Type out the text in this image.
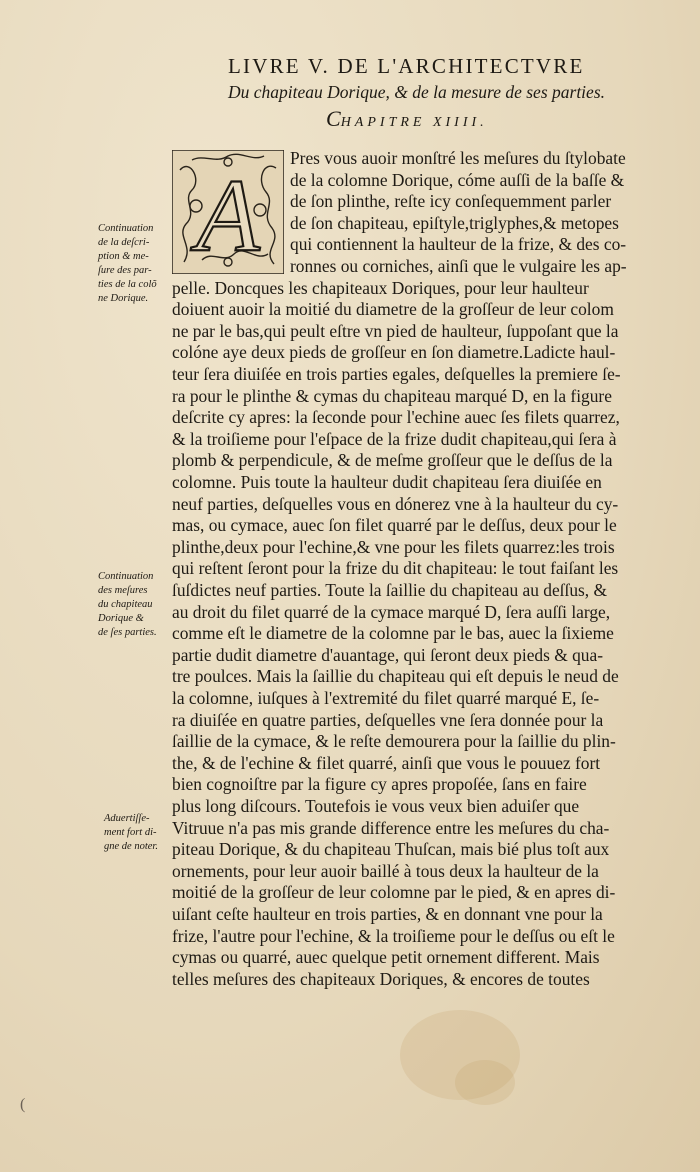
LIVRE V. DE L'ARCHITECTVRE
Du chapiteau Dorique, & de la mesure de ses parties.
CHAPITRE XIIII.
A Pres vous auoir monſtré les meſures du ſtylobate
de la colomne Dorique, cóme auſſi de la baſſe &
de ſon plinthe, reſte icy conſequemment parler
de ſon chapiteau, epiſtyle,triglyphes,& metopes
qui contiennent la haulteur de la frize, & des co-
ronnes ou corniches, ainſi que le vulgaire les ap-
pelle. Doncques les chapiteaux Doriques, pour leur haulteur
doiuent auoir la moitié du diametre de la groſſeur de leur colom
ne par le bas,qui peult eſtre vn pied de haulteur, ſuppoſant que la
colóne aye deux pieds de groſſeur en ſon diametre.Ladicte haul-
teur ſera diuiſée en trois parties egales, deſquelles la premiere ſe-
ra pour le plinthe & cymas du chapiteau marqué D, en la figure
deſcrite cy apres: la ſeconde pour l'echine auec ſes filets quarrez,
& la troiſieme pour l'eſpace de la frize dudit chapiteau,qui ſera à
plomb & perpendicule, & de meſme groſſeur que le deſſus de la
colomne. Puis toute la haulteur dudit chapiteau ſera diuiſée en
neuf parties, deſquelles vous en dónerez vne à la haulteur du cy-
mas, ou cymace, auec ſon filet quarré par le deſſus, deux pour le
plinthe,deux pour l'echine,& vne pour les filets quarrez:les trois
qui reſtent ſeront pour la frize du dit chapiteau: le tout faiſant les
ſuſdictes neuf parties. Toute la ſaillie du chapiteau au deſſus, &
au droit du filet quarré de la cymace marqué D, ſera auſſi large,
comme eſt le diametre de la colomne par le bas, auec la ſixieme
partie dudit diametre d'auantage, qui ſeront deux pieds & qua-
tre poulces. Mais la ſaillie du chapiteau qui eſt depuis le neud de
la colomne, iuſques à l'extremité du filet quarré marqué E, ſe-
ra diuiſée en quatre parties, deſquelles vne ſera donnée pour la
ſaillie de la cymace, & le reſte demourera pour la ſaillie du plin-
the, & de l'echine & filet quarré, ainſi que vous le pouuez fort
bien cognoiſtre par la figure cy apres propoſée, ſans en faire
plus long diſcours. Toutefois ie vous veux bien aduiſer que
Vitruue n'a pas mis grande difference entre les meſures du cha-
piteau Dorique, & du chapiteau Thuſcan, mais bié plus toſt aux
ornements, pour leur auoir baillé à tous deux la haulteur de la
moitié de la groſſeur de leur colomne par le pied, & en apres di-
uiſant ceſte haulteur en trois parties, & en donnant vne pour la
frize, l'autre pour l'echine, & la troiſieme pour le deſſus ou eſt le
cymas ou quarré, auec quelque petit ornement different. Mais
telles meſures des chapiteaux Doriques, & encores de toutes
Continuation
de la deſcri-
ption & me-
ſure des par-
ties de la colõ
ne Dorique.
Continuation
des meſures
du chapiteau
Dorique &
de ſes parties.
Aduertiſſe-
ment fort di-
gne de noter.
(
